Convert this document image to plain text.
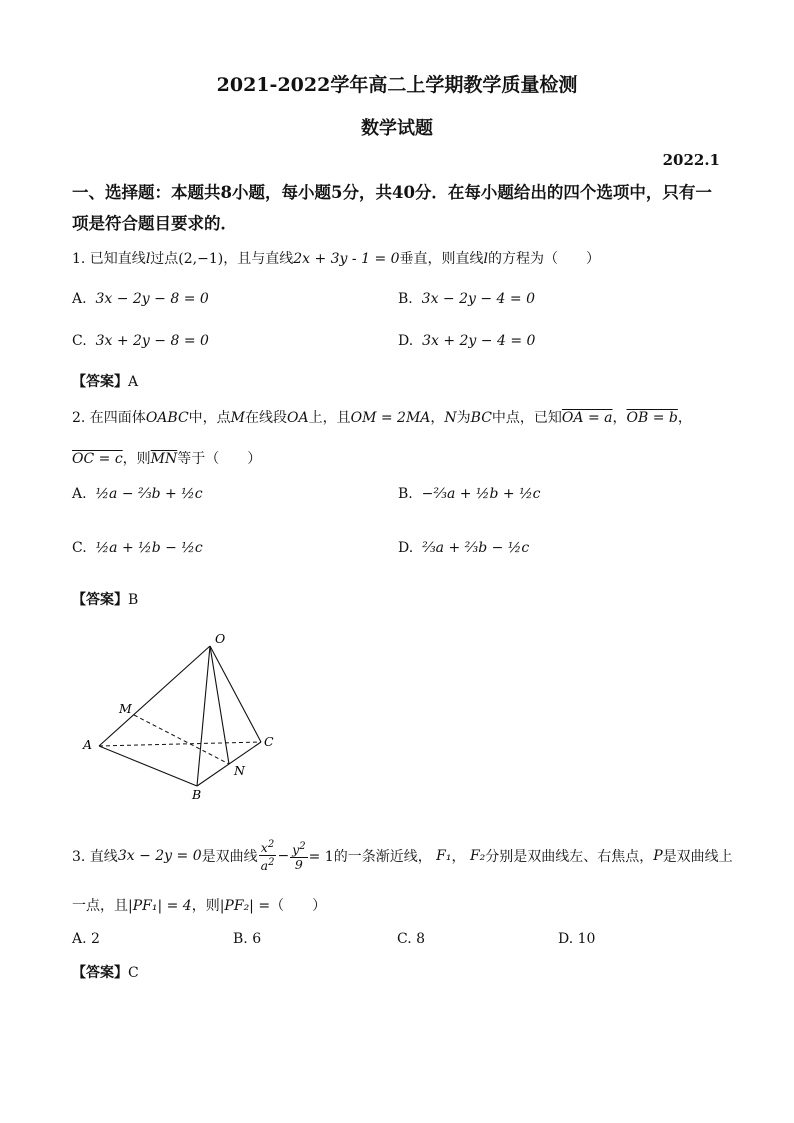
2021-2022学年高二上学期教学质量检测
数学试题
2022.1
一、选择题：本题共8小题，每小题5分，共40分．在每小题给出的四个选项中，只有一项是符合题目要求的．
1. 已知直线l过点(2,−1)，且与直线2x + 3y - 1 = 0垂直，则直线l的方程为（　　）
A. 3x − 2y − 8 = 0	B. 3x − 2y − 4 = 0
C. 3x + 2y − 8 = 0	D. 3x + 2y − 4 = 0
【答案】A
2. 在四面体OABC中，点M在线段OA上，且OM = 2MA，N为BC中点，已知OA = a，OB = b，
OC = c，则$\overline{MN}$等于（　　）
A. ½a − ⅔b + ½c	B. −⅔a + ½b + ½c
C. ½a + ½b − ½c	D. ⅔a + ⅔b − ½c
【答案】B
O
M
A
B
C
N
3. 直线 3x − 2y = 0 是双曲线 $\frac{x^2}{a^2} - \frac{y^2}{9} = 1$的一条渐近线，
F₁ ，
F₂ 分别是双曲线左、右焦点， P 是双曲线上
一点，且|PF₁| = 4，则|PF₂| =（　　）
A. 2	B. 6	C. 8	D. 10
【答案】C
